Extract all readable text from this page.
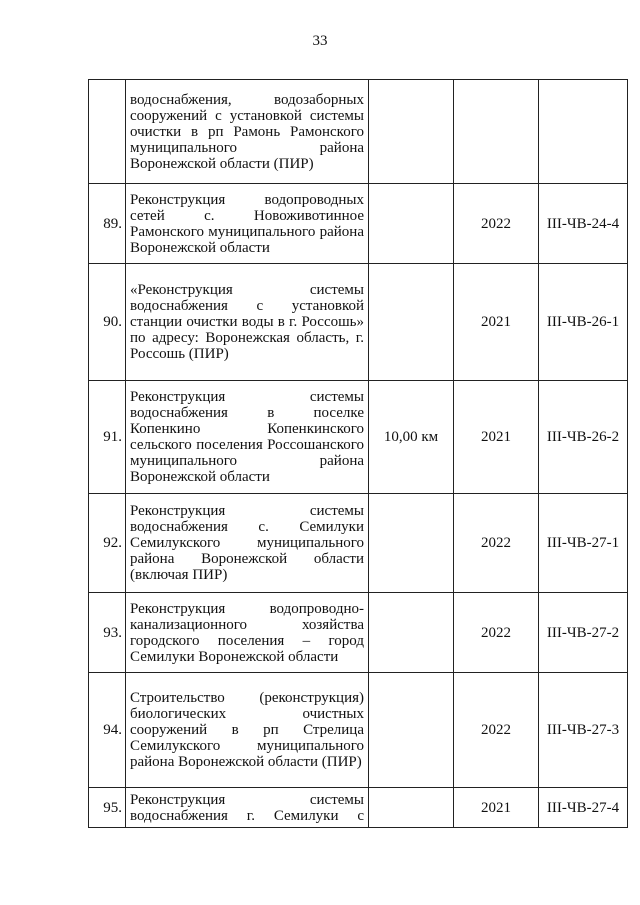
33
	водоснабжения, водозаборных сооружений с установкой системы очистки в рп Рамонь Рамонского муниципального района Воронежской области (ПИР)			
89.	Реконструкция водопроводных сетей с. Новоживотинное Рамонского муниципального района Воронежской области		2022	III-ЧВ-24-4
90.	«Реконструкция системы водоснабжения с установкой станции очистки воды в г. Россошь» по адресу: Воронежская область, г. Россошь (ПИР)		2021	III-ЧВ-26-1
91.	Реконструкция системы водоснабжения в поселке Копенкино Копенкинского сельского поселения Россошанского муниципального района Воронежской области	10,00 км	2021	III-ЧВ-26-2
92.	Реконструкция системы водоснабжения с. Семилуки Семилукского муниципального района Воронежской области (включая ПИР)		2022	III-ЧВ-27-1
93.	Реконструкция водопроводно-канализационного хозяйства городского поселения – город Семилуки Воронежской области		2022	III-ЧВ-27-2
94.	Строительство (реконструкция) биологических очистных сооружений в рп Стрелица Семилукского муниципального района Воронежской области (ПИР)		2022	III-ЧВ-27-3
95.	Реконструкция системы водоснабжения г. Семилуки с		2021	III-ЧВ-27-4
